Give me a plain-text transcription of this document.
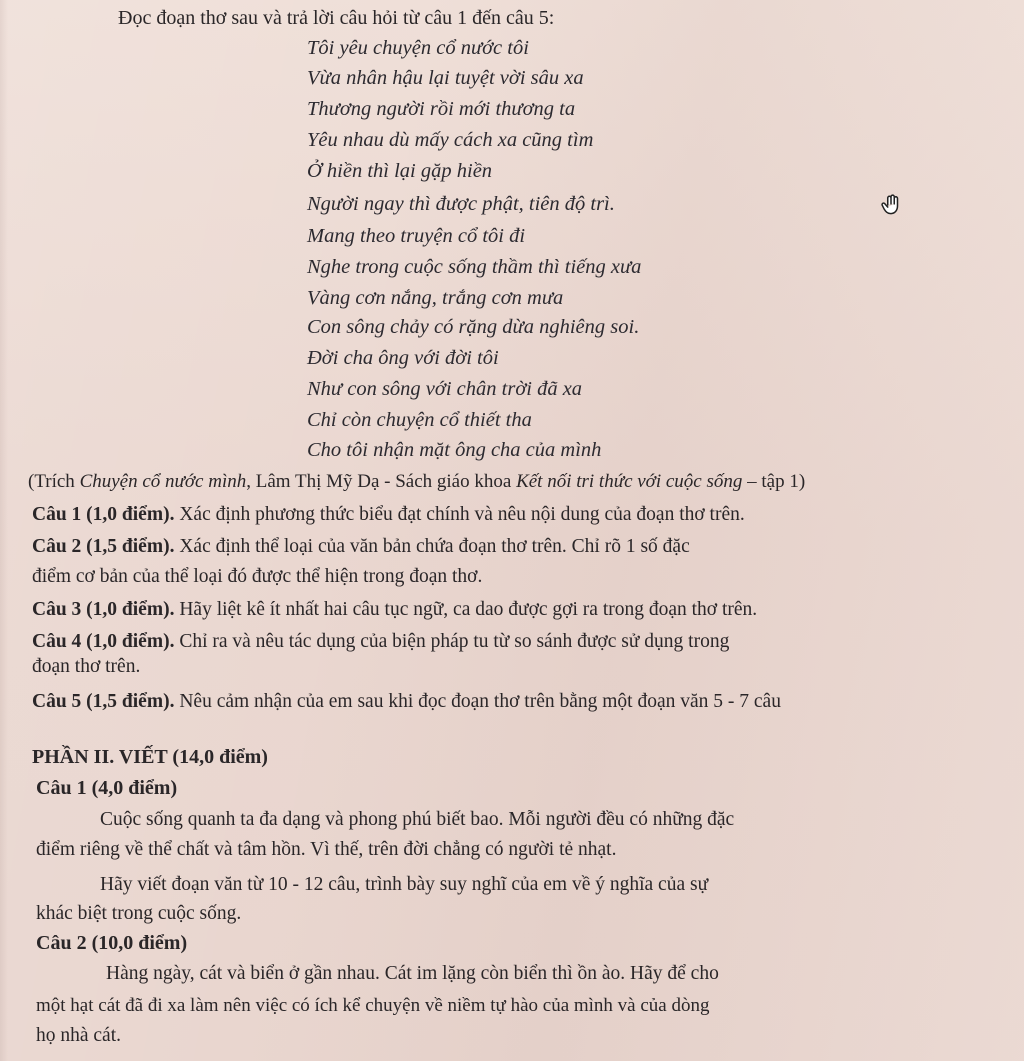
Đọc đoạn thơ sau và trả lời câu hỏi từ câu 1 đến câu 5:
Tôi yêu chuyện cổ nước tôi
Vừa nhân hậu lại tuyệt vời sâu xa
Thương người rồi mới thương ta
Yêu nhau dù mấy cách xa cũng tìm
Ở hiền thì lại gặp hiền
Người ngay thì được phật, tiên độ trì.
Mang theo truyện cổ tôi đi
Nghe trong cuộc sống thầm thì tiếng xưa
Vàng cơn nắng, trắng cơn mưa
Con sông chảy có rặng dừa nghiêng soi.
Đời cha ông với đời tôi
Như con sông với chân trời đã xa
Chỉ còn chuyện cổ thiết tha
Cho tôi nhận mặt ông cha của mình
(Trích Chuyện cổ nước mình, Lâm Thị Mỹ Dạ - Sách giáo khoa Kết nối tri thức với cuộc sống – tập 1)
Câu 1 (1,0 điểm). Xác định phương thức biểu đạt chính và nêu nội dung của đoạn thơ trên.
Câu 2 (1,5 điểm). Xác định thể loại của văn bản chứa đoạn thơ trên. Chỉ rõ 1 số đặc
điểm cơ bản của thể loại đó được thể hiện trong đoạn thơ.
Câu 3 (1,0 điểm). Hãy liệt kê ít nhất hai câu tục ngữ, ca dao được gợi ra trong đoạn thơ trên.
Câu 4 (1,0 điểm). Chỉ ra và nêu tác dụng của biện pháp tu từ so sánh được sử dụng trong
đoạn thơ trên.
Câu 5 (1,5 điểm). Nêu cảm nhận của em sau khi đọc đoạn thơ trên bằng một đoạn văn 5 - 7 câu
PHẦN II. VIẾT (14,0 điểm)
Câu 1 (4,0 điểm)
Cuộc sống quanh ta đa dạng và phong phú biết bao. Mỗi người đều có những đặc
điểm riêng về thể chất và tâm hồn. Vì thế, trên đời chẳng có người tẻ nhạt.
Hãy viết đoạn văn từ 10 - 12 câu, trình bày suy nghĩ của em về ý nghĩa của sự
khác biệt trong cuộc sống.
Câu 2 (10,0 điểm)
Hàng ngày, cát và biển ở gần nhau. Cát im lặng còn biển thì ồn ào. Hãy để cho
một hạt cát đã đi xa làm nên việc có ích kể chuyện về niềm tự hào của mình và của dòng
họ nhà cát.
